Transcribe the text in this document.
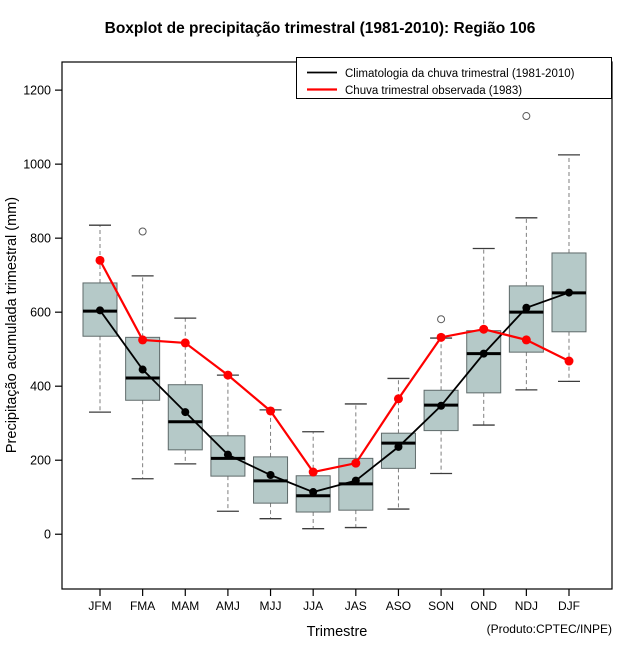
Boxplot de precipitação trimestral (1981-2010): Região 106
0
200
400
600
800
1000
1200
JFM FMA MAM AMJ MJJ JJA JAS ASO SON OND NDJ DJF
Climatologia da chuva trimestral (1981-2010)
Chuva trimestral observada (1983)
Trimestre
Precipitação acumulada trimestral (mm)
(Produto:CPTEC/INPE)
